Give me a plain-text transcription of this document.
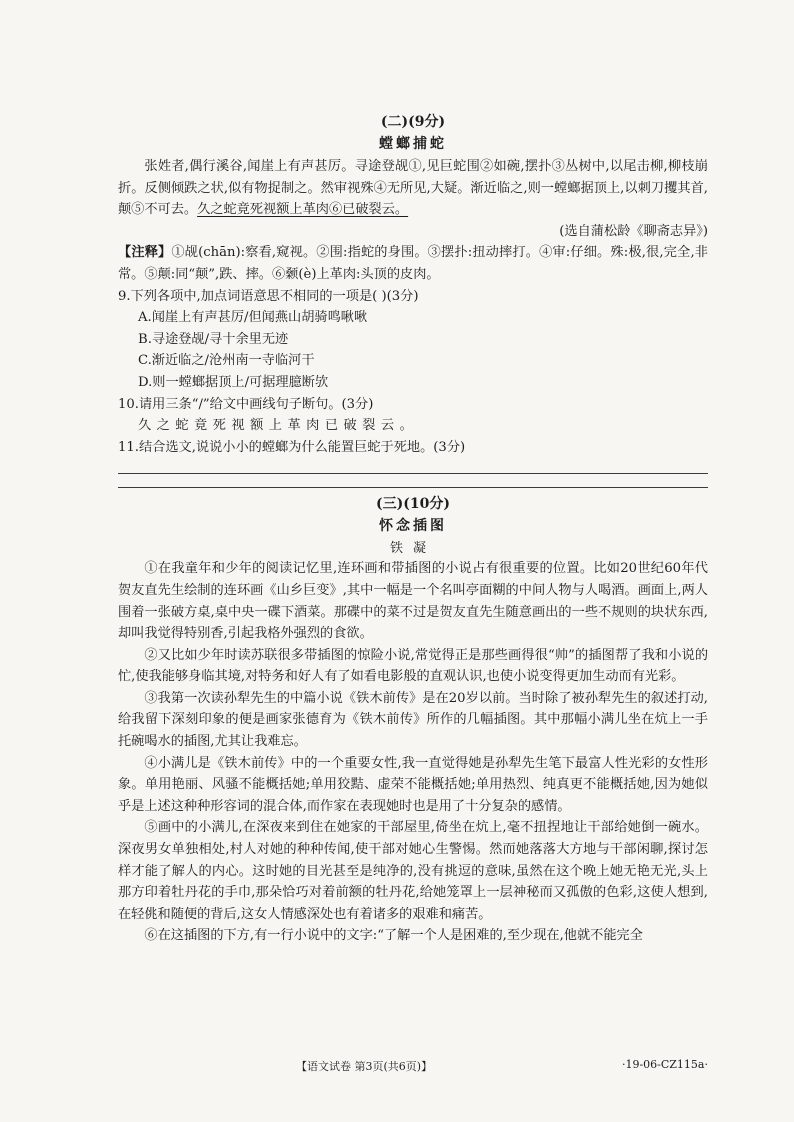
(二)(9分)

螳螂捕蛇

张姓者,偶行溪谷,闻崖上有声甚厉。寻途登觇①,见巨蛇围②如碗,摆扑③丛树中,以尾击柳,柳枝崩折。反侧倾跌之状,似有物捉制之。然审视殊④无所见,大疑。渐近临之,则一螳螂据顶上,以刺刀攫其首,颠⑤不可去。久之蛇竟死视额上革肉⑥已破裂云。

(选自蒲松龄《聊斋志异》)

【注释】①觇(chān):察看,窥视。②围:指蛇的身围。③摆扑:扭动摔打。④审:仔细。殊:极,很,完全,非常。⑤颠:同“颠”,跌、摔。⑥颡(è)上革肉:头顶的皮肉。

9.下列各项中,加点词语意思不相同的一项是( )(3分)

A.闻崖上有声甚厉/但闻燕山胡骑鸣啾啾

B.寻途登觇/寻十余里无迹

C.渐近临之/沧州南一寺临河干

D.则一螳螂据顶上/可据理臆断欤

10.请用三条“/”给文中画线句子断句。(3分)

久之蛇竟死视额上革肉已破裂云。

11.结合选文,说说小小的螳螂为什么能置巨蛇于死地。(3分)

(三)(10分)

怀念插图

铁凝

①在我童年和少年的阅读记忆里,连环画和带插图的小说占有很重要的位置。比如20世纪60年代贺友直先生绘制的连环画《山乡巨变》,其中一幅是一个名叫亭面糊的中间人物与人喝酒。画面上,两人围着一张破方桌,桌中央一碟下酒菜。那碟中的菜不过是贺友直先生随意画出的一些不规则的块状东西,却叫我觉得特别香,引起我格外强烈的食欲。

②又比如少年时读苏联很多带插图的惊险小说,常觉得正是那些画得很“帅”的插图帮了我和小说的忙,使我能够身临其境,对特务和好人有了如看电影般的直观认识,也使小说变得更加生动而有光彩。

③我第一次读孙犁先生的中篇小说《铁木前传》是在20岁以前。当时除了被孙犁先生的叙述打动,给我留下深刻印象的便是画家张德育为《铁木前传》所作的几幅插图。其中那幅小满儿坐在炕上一手托碗喝水的插图,尤其让我难忘。

④小满儿是《铁木前传》中的一个重要女性,我一直觉得她是孙犁先生笔下最富人性光彩的女性形象。单用艳丽、风骚不能概括她;单用狡黠、虚荣不能概括她;单用热烈、纯真更不能概括她,因为她似乎是上述这种种形容词的混合体,而作家在表现她时也是用了十分复杂的感情。

⑤画中的小满儿,在深夜来到住在她家的干部屋里,倚坐在炕上,毫不扭捏地让干部给她倒一碗水。深夜男女单独相处,村人对她的种种传闻,使干部对她心生警惕。然而她落落大方地与干部闲聊,探讨怎样才能了解人的内心。这时她的目光甚至是纯净的,没有挑逗的意味,虽然在这个晚上她无艳无光,头上那方印着牡丹花的手巾,那朵恰巧对着前额的牡丹花,给她笼罩上一层神秘而又孤傲的色彩,这使人想到,在轻佻和随便的背后,这女人情感深处也有着诸多的艰难和痛苦。

⑥在这插图的下方,有一行小说中的文字:“了解一个人是困难的,至少现在,他就不能完全

【语文试卷 第3页(共6页)】	·19-06-CZ115a·
